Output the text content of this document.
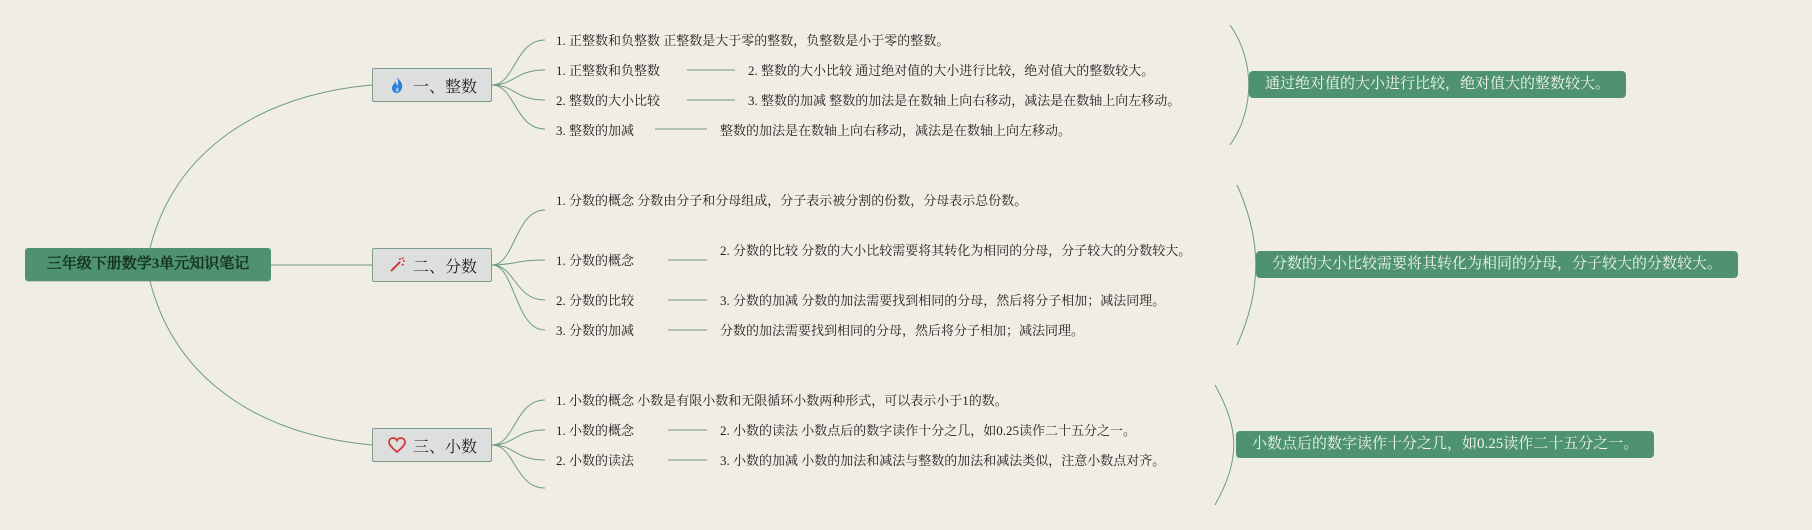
三年级下册数学3单元知识笔记
一、整数
1. 正整数和负整数 正整数是大于零的整数，负整数是小于零的整数。
1. 正整数和负整数	2. 整数的大小比较 通过绝对值的大小进行比较，绝对值大的整数较大。
2. 整数的大小比较	3. 整数的加减 整数的加法是在数轴上向右移动，减法是在数轴上向左移动。
3. 整数的加减	整数的加法是在数轴上向右移动，减法是在数轴上向左移动。
通过绝对值的大小进行比较，绝对值大的整数较大。
二、分数
1. 分数的概念 分数由分子和分母组成，分子表示被分割的份数，分母表示总份数。
1. 分数的概念
2. 分数的比较 分数的大小比较需要将其转化为相同的分母，分子较大的分数较大。
2. 分数的比较	3. 分数的加减 分数的加法需要找到相同的分母，然后将分子相加；减法同理。
3. 分数的加减	分数的加法需要找到相同的分母，然后将分子相加；减法同理。
分数的大小比较需要将其转化为相同的分母，分子较大的分数较大。
三、小数
1. 小数的概念 小数是有限小数和无限循环小数两种形式，可以表示小于1的数。
1. 小数的概念	2. 小数的读法 小数点后的数字读作十分之几，如0.25读作二十五分之一。
2. 小数的读法	3. 小数的加减 小数的加法和减法与整数的加法和减法类似，注意小数点对齐。
小数点后的数字读作十分之几，如0.25读作二十五分之一。
